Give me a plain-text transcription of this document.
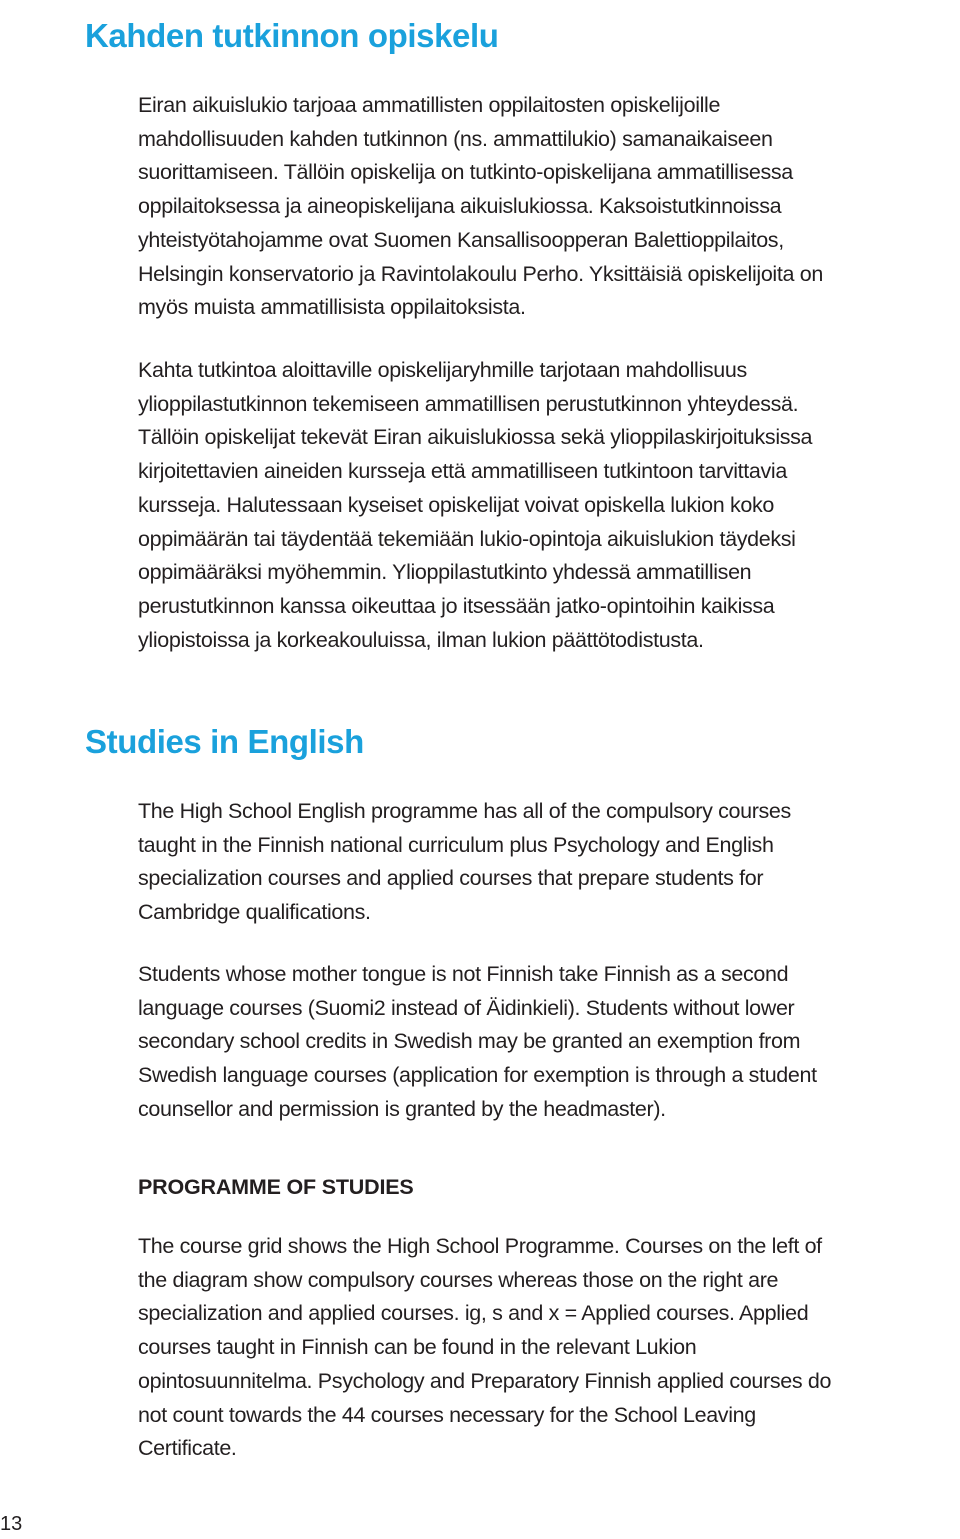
Kahden tutkinnon opiskelu

Eiran aikuislukio tarjoaa ammatillisten oppilaitosten opiskelijoille
mahdollisuuden kahden tutkinnon (ns. ammattilukio) samanaikaiseen
suorittamiseen. Tällöin opiskelija on tutkinto-opiskelijana ammatillisessa
oppilaitoksessa ja aineopiskelijana aikuislukiossa. Kaksoistutkinnoissa
yhteistyötahojamme ovat Suomen Kansallisoopperan Balettioppilaitos,
Helsingin konservatorio ja Ravintolakoulu Perho. Yksittäisiä opiskelijoita on
myös muista ammatillisista oppilaitoksista.

Kahta tutkintoa aloittaville opiskelijaryhmille tarjotaan mahdollisuus
ylioppilastutkinnon tekemiseen ammatillisen perustutkinnon yhteydessä.
Tällöin opiskelijat tekevät Eiran aikuislukiossa sekä ylioppilaskirjoituksissa
kirjoitettavien aineiden kursseja että ammatilliseen tutkintoon tarvittavia
kursseja. Halutessaan kyseiset opiskelijat voivat opiskella lukion koko
oppimäärän tai täydentää tekemiään lukio-opintoja aikuislukion täydeksi
oppimääräksi myöhemmin. Ylioppilastutkinto yhdessä ammatillisen
perustutkinnon kanssa oikeuttaa jo itsessään jatko-opintoihin kaikissa
yliopistoissa ja korkeakouluissa, ilman lukion päättötodistusta.

Studies in English

The High School English programme has all of the compulsory courses
taught in the Finnish national curriculum plus Psychology and English
specialization courses and applied courses that prepare students for
Cambridge qualifications.

Students whose mother tongue is not Finnish take Finnish as a second
language courses (Suomi2 instead of Äidinkieli). Students without lower
secondary school credits in Swedish may be granted an exemption from
Swedish language courses (application for exemption is through a student
counsellor and permission is granted by the headmaster).

PROGRAMME OF STUDIES

The course grid shows the High School Programme. Courses on the left of
the diagram show compulsory courses whereas those on the right are
specialization and applied courses. ig, s and x = Applied courses. Applied
courses taught in Finnish can be found in the relevant Lukion
opintosuunnitelma. Psychology and Preparatory Finnish applied courses do
not count towards the 44 courses necessary for the School Leaving
Certificate.

13
